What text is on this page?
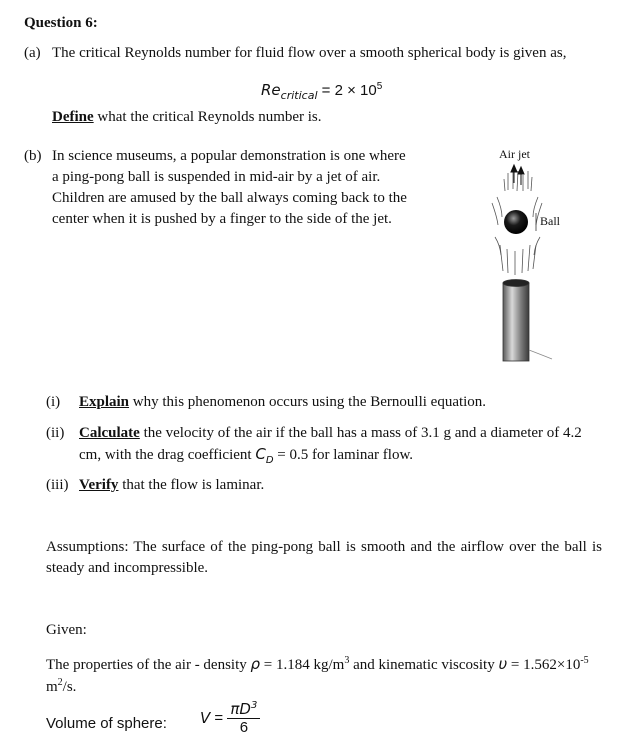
Question 6:
(a) The critical Reynolds number for fluid flow over a smooth spherical body is given as,
$Re_{critical} = 2 \times 10^5$
Define what the critical Reynolds number is.
(b) In science museums, a popular demonstration is one where
a ping-pong ball is suspended in mid-air by a jet of air.
Children are amused by the ball always coming back to the
center when it is pushed by a finger to the side of the jet.
Air jet
Ball
(i) Explain why this phenomenon occurs using the Bernoulli equation.
(ii) Calculate the velocity of the air if the ball has a mass of 3.1 g and a diameter of 4.2
cm, with the drag coefficient $C_D = 0.5$ for laminar flow.
(iii) Verify that the flow is laminar.
Assumptions: The surface of the ping-pong ball is smooth and the airflow over the ball is steady and incompressible.
Given:
The properties of the air - density ρ = 1.184 $kg/m^3$ and kinematic viscosity $\upsilon = 1.562\times 10^{-5}$
$m^2/s$.
Volume of sphere: $V = \frac{\pi D^3}{6}$
